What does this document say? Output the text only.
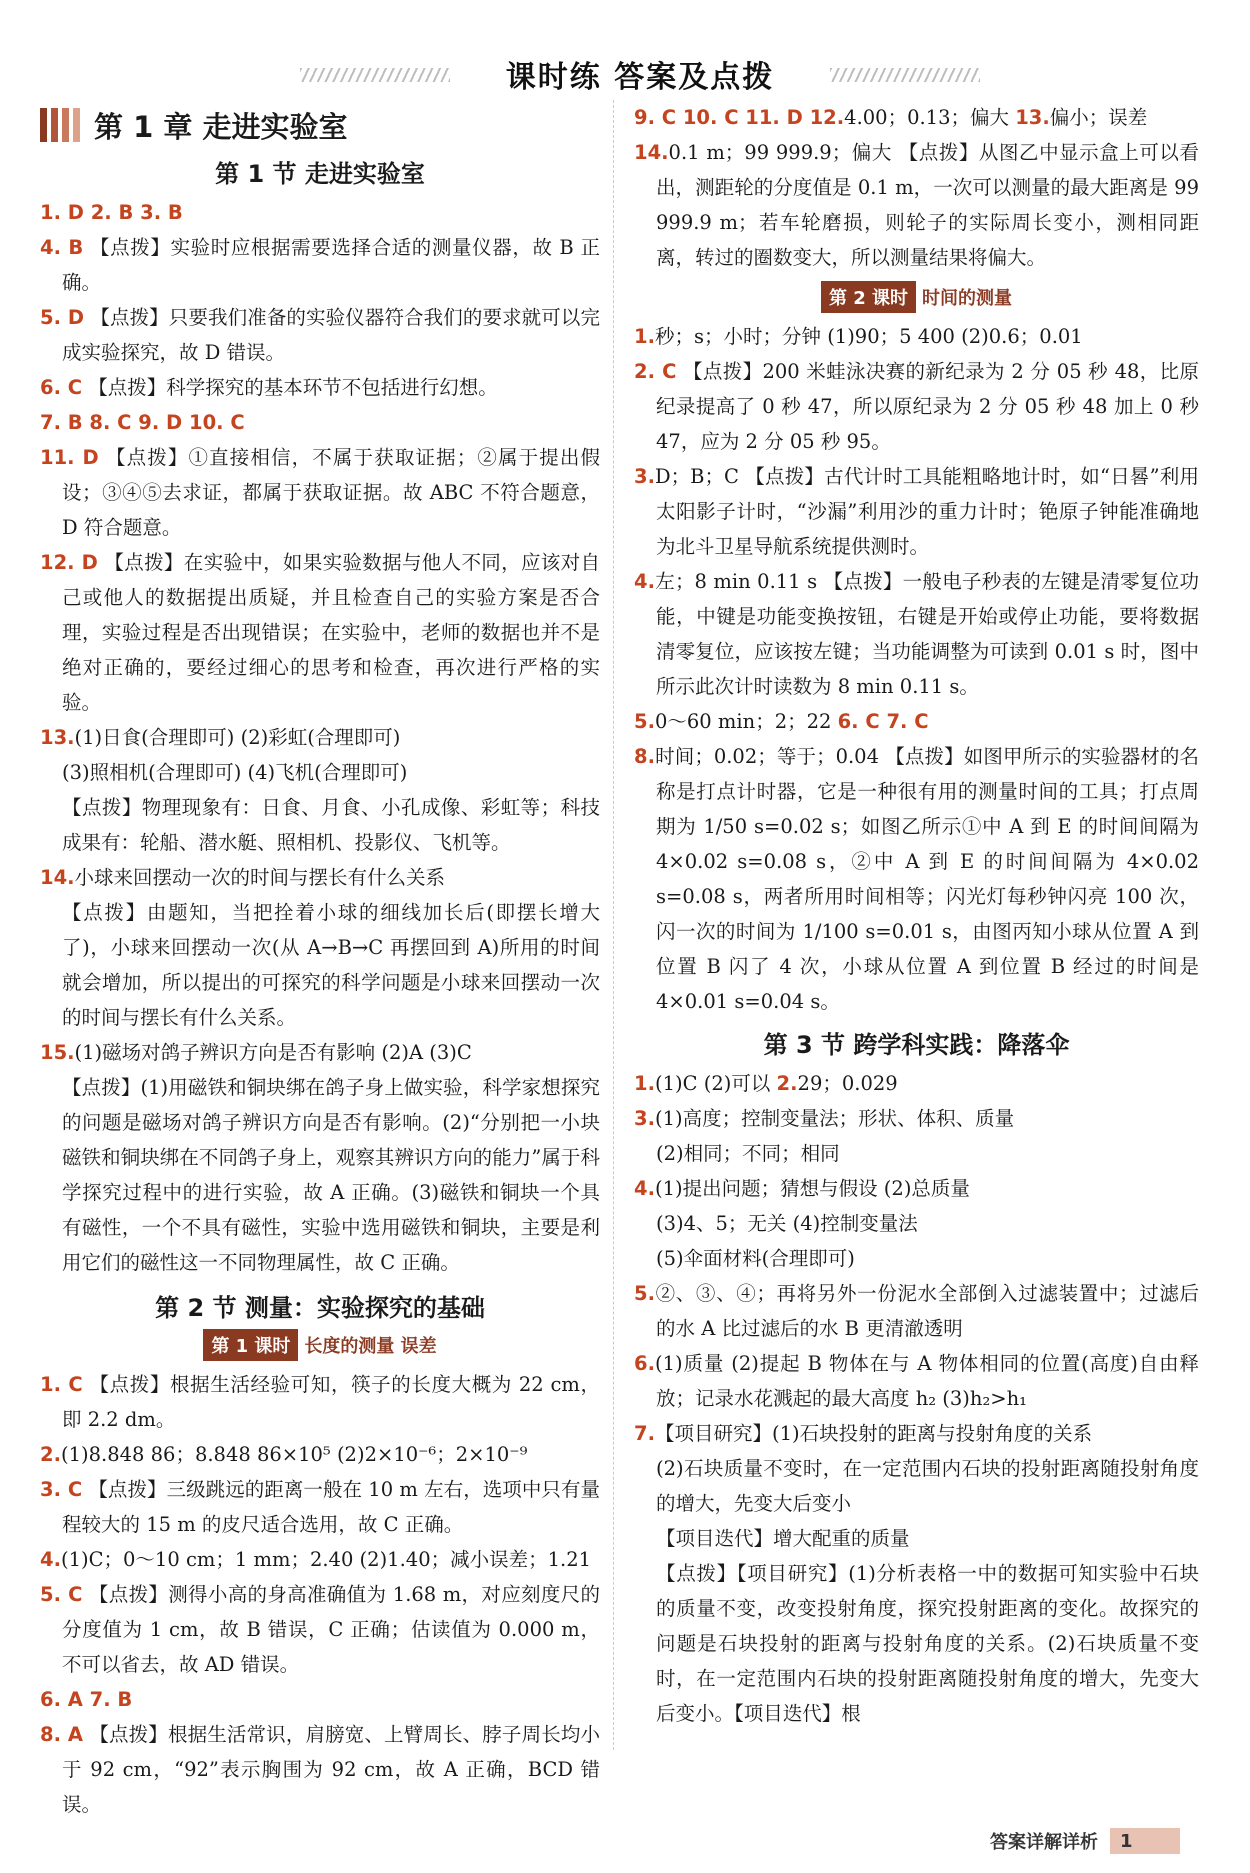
课时练 答案及点拨
第 1 章 走进实验室
第 1 节 走进实验室
1. D 2. B 3. B
4. B 【点拨】实验时应根据需要选择合适的测量仪器，故 B 正确。
5. D 【点拨】只要我们准备的实验仪器符合我们的要求就可以完成实验探究，故 D 错误。
6. C 【点拨】科学探究的基本环节不包括进行幻想。
7. B 8. C 9. D 10. C
11. D 【点拨】①直接相信，不属于获取证据；②属于提出假设；③④⑤去求证，都属于获取证据。故 ABC 不符合题意，D 符合题意。
12. D 【点拨】在实验中，如果实验数据与他人不同，应该对自己或他人的数据提出质疑，并且检查自己的实验方案是否合理，实验过程是否出现错误；在实验中，老师的数据也并不是绝对正确的，要经过细心的思考和检查，再次进行严格的实验。
13.(1)日食(合理即可) (2)彩虹(合理即可)
(3)照相机(合理即可) (4)飞机(合理即可)
【点拨】物理现象有：日食、月食、小孔成像、彩虹等；科技成果有：轮船、潜水艇、照相机、投影仪、飞机等。
14.小球来回摆动一次的时间与摆长有什么关系
【点拨】由题知，当把拴着小球的细线加长后(即摆长增大了)，小球来回摆动一次(从 A→B→C 再摆回到 A)所用的时间就会增加，所以提出的可探究的科学问题是小球来回摆动一次的时间与摆长有什么关系。
15.(1)磁场对鸽子辨识方向是否有影响 (2)A (3)C
【点拨】(1)用磁铁和铜块绑在鸽子身上做实验，科学家想探究的问题是磁场对鸽子辨识方向是否有影响。(2)“分别把一小块磁铁和铜块绑在不同鸽子身上，观察其辨识方向的能力”属于科学探究过程中的进行实验，故 A 正确。(3)磁铁和铜块一个具有磁性，一个不具有磁性，实验中选用磁铁和铜块，主要是利用它们的磁性这一不同物理属性，故 C 正确。
第 2 节 测量：实验探究的基础
第 1 课时 长度的测量 误差
1. C 【点拨】根据生活经验可知，筷子的长度大概为 22 cm，即 2.2 dm。
2.(1)8.848 86；8.848 86×10⁵ (2)2×10⁻⁶；2×10⁻⁹
3. C 【点拨】三级跳远的距离一般在 10 m 左右，选项中只有量程较大的 15 m 的皮尺适合选用，故 C 正确。
4.(1)C；0～10 cm；1 mm；2.40 (2)1.40；减小误差；1.21
5. C 【点拨】测得小高的身高准确值为 1.68 m，对应刻度尺的分度值为 1 cm，故 B 错误，C 正确；估读值为 0.000 m，不可以省去，故 AD 错误。
6. A 7. B
8. A 【点拨】根据生活常识，肩膀宽、上臂周长、脖子周长均小于 92 cm，“92”表示胸围为 92 cm，故 A 正确，BCD 错误。
9. C 10. C 11. D 12.4.00；0.13；偏大 13.偏小；误差
14.0.1 m；99 999.9；偏大 【点拨】从图乙中显示盒上可以看出，测距轮的分度值是 0.1 m，一次可以测量的最大距离是 99 999.9 m；若车轮磨损，则轮子的实际周长变小，测相同距离，转过的圈数变大，所以测量结果将偏大。
第 2 课时 时间的测量
1.秒；s；小时；分钟 (1)90；5 400 (2)0.6；0.01
2. C 【点拨】200 米蛙泳决赛的新纪录为 2 分 05 秒 48，比原纪录提高了 0 秒 47，所以原纪录为 2 分 05 秒 48 加上 0 秒 47，应为 2 分 05 秒 95。
3.D；B；C 【点拨】古代计时工具能粗略地计时，如“日晷”利用太阳影子计时，“沙漏”利用沙的重力计时；铯原子钟能准确地为北斗卫星导航系统提供测时。
4.左；8 min 0.11 s 【点拨】一般电子秒表的左键是清零复位功能，中键是功能变换按钮，右键是开始或停止功能，要将数据清零复位，应该按左键；当功能调整为可读到 0.01 s 时，图中所示此次计时读数为 8 min 0.11 s。
5.0～60 min；2；22 6. C 7. C
8.时间；0.02；等于；0.04 【点拨】如图甲所示的实验器材的名称是打点计时器，它是一种很有用的测量时间的工具；打点周期为 1/50 s=0.02 s；如图乙所示①中 A 到 E 的时间间隔为 4×0.02 s=0.08 s，②中 A 到 E 的时间间隔为 4×0.02 s=0.08 s，两者所用时间相等；闪光灯每秒钟闪亮 100 次，闪一次的时间为 1/100 s=0.01 s，由图丙知小球从位置 A 到位置 B 闪了 4 次，小球从位置 A 到位置 B 经过的时间是 4×0.01 s=0.04 s。
第 3 节 跨学科实践：降落伞
1.(1)C (2)可以 2.29；0.029
3.(1)高度；控制变量法；形状、体积、质量
(2)相同；不同；相同
4.(1)提出问题；猜想与假设 (2)总质量
(3)4、5；无关 (4)控制变量法
(5)伞面材料(合理即可)
5.②、③、④；再将另外一份泥水全部倒入过滤装置中；过滤后的水 A 比过滤后的水 B 更清澈透明
6.(1)质量 (2)提起 B 物体在与 A 物体相同的位置(高度)自由释放；记录水花溅起的最大高度 h₂ (3)h₂>h₁
7.【项目研究】(1)石块投射的距离与投射角度的关系
(2)石块质量不变时，在一定范围内石块的投射距离随投射角度的增大，先变大后变小
【项目迭代】增大配重的质量
【点拨】【项目研究】(1)分析表格一中的数据可知实验中石块的质量不变，改变投射角度，探究投射距离的变化。故探究的问题是石块投射的距离与投射角度的关系。(2)石块质量不变时，在一定范围内石块的投射距离随投射角度的增大，先变大后变小。【项目迭代】根
答案详解详析	1
